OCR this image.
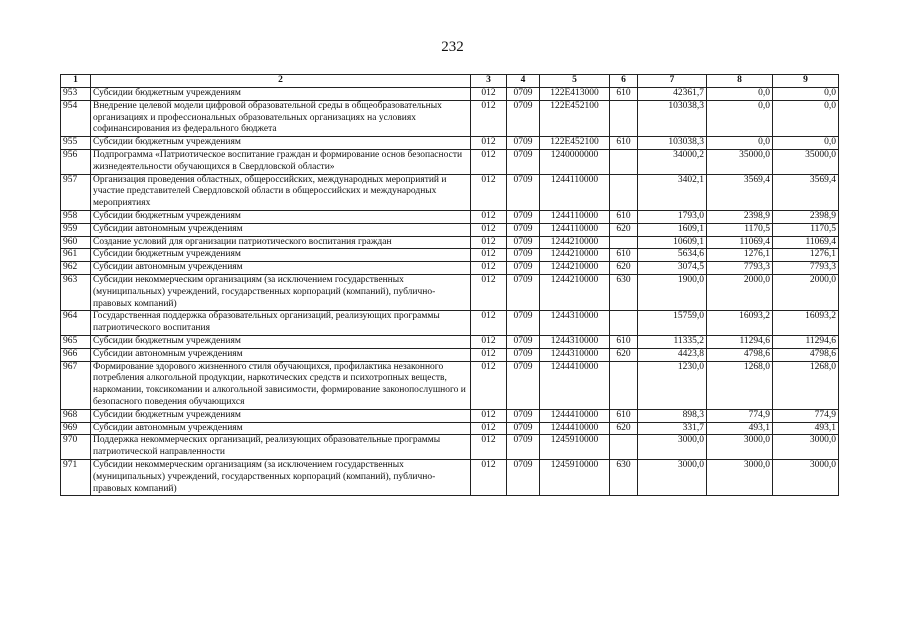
232
1	2	3	4	5	6	7	8	9
953	Субсидии бюджетным учреждениям	012	0709	122E413000	610	42361,7	0,0	0,0
954	Внедрение целевой модели цифровой образовательной среды в общеобразовательных организациях и профессиональных образовательных организациях на условиях софинансирования из федерального бюджета	012	0709	122E452100		103038,3	0,0	0,0
955	Субсидии бюджетным учреждениям	012	0709	122E452100	610	103038,3	0,0	0,0
956	Подпрограмма «Патриотическое воспитание граждан и формирование основ безопасности жизнедеятельности обучающихся в Свердловской области»	012	0709	1240000000		34000,2	35000,0	35000,0
957	Организация проведения областных, общероссийских, международных мероприятий и участие представителей Свердловской области в общероссийских и международных мероприятиях	012	0709	1244110000		3402,1	3569,4	3569,4
958	Субсидии бюджетным учреждениям	012	0709	1244110000	610	1793,0	2398,9	2398,9
959	Субсидии автономным учреждениям	012	0709	1244110000	620	1609,1	1170,5	1170,5
960	Создание условий для организации патриотического воспитания граждан	012	0709	1244210000		10609,1	11069,4	11069,4
961	Субсидии бюджетным учреждениям	012	0709	1244210000	610	5634,6	1276,1	1276,1
962	Субсидии автономным учреждениям	012	0709	1244210000	620	3074,5	7793,3	7793,3
963	Субсидии некоммерческим организациям (за исключением государственных (муниципальных) учреждений, государственных корпораций (компаний), публично-правовых компаний)	012	0709	1244210000	630	1900,0	2000,0	2000,0
964	Государственная поддержка образовательных организаций, реализующих программы патриотического воспитания	012	0709	1244310000		15759,0	16093,2	16093,2
965	Субсидии бюджетным учреждениям	012	0709	1244310000	610	11335,2	11294,6	11294,6
966	Субсидии автономным учреждениям	012	0709	1244310000	620	4423,8	4798,6	4798,6
967	Формирование здорового жизненного стиля обучающихся, профилактика незаконного потребления алкогольной продукции, наркотических средств и психотропных веществ, наркомании, токсикомании и алкогольной зависимости, формирование законопослушного и безопасного поведения обучающихся	012	0709	1244410000		1230,0	1268,0	1268,0
968	Субсидии бюджетным учреждениям	012	0709	1244410000	610	898,3	774,9	774,9
969	Субсидии автономным учреждениям	012	0709	1244410000	620	331,7	493,1	493,1
970	Поддержка некоммерческих организаций, реализующих образовательные программы патриотической направленности	012	0709	1245910000		3000,0	3000,0	3000,0
971	Субсидии некоммерческим организациям (за исключением государственных (муниципальных) учреждений, государственных корпораций (компаний), публично-правовых компаний)	012	0709	1245910000	630	3000,0	3000,0	3000,0
